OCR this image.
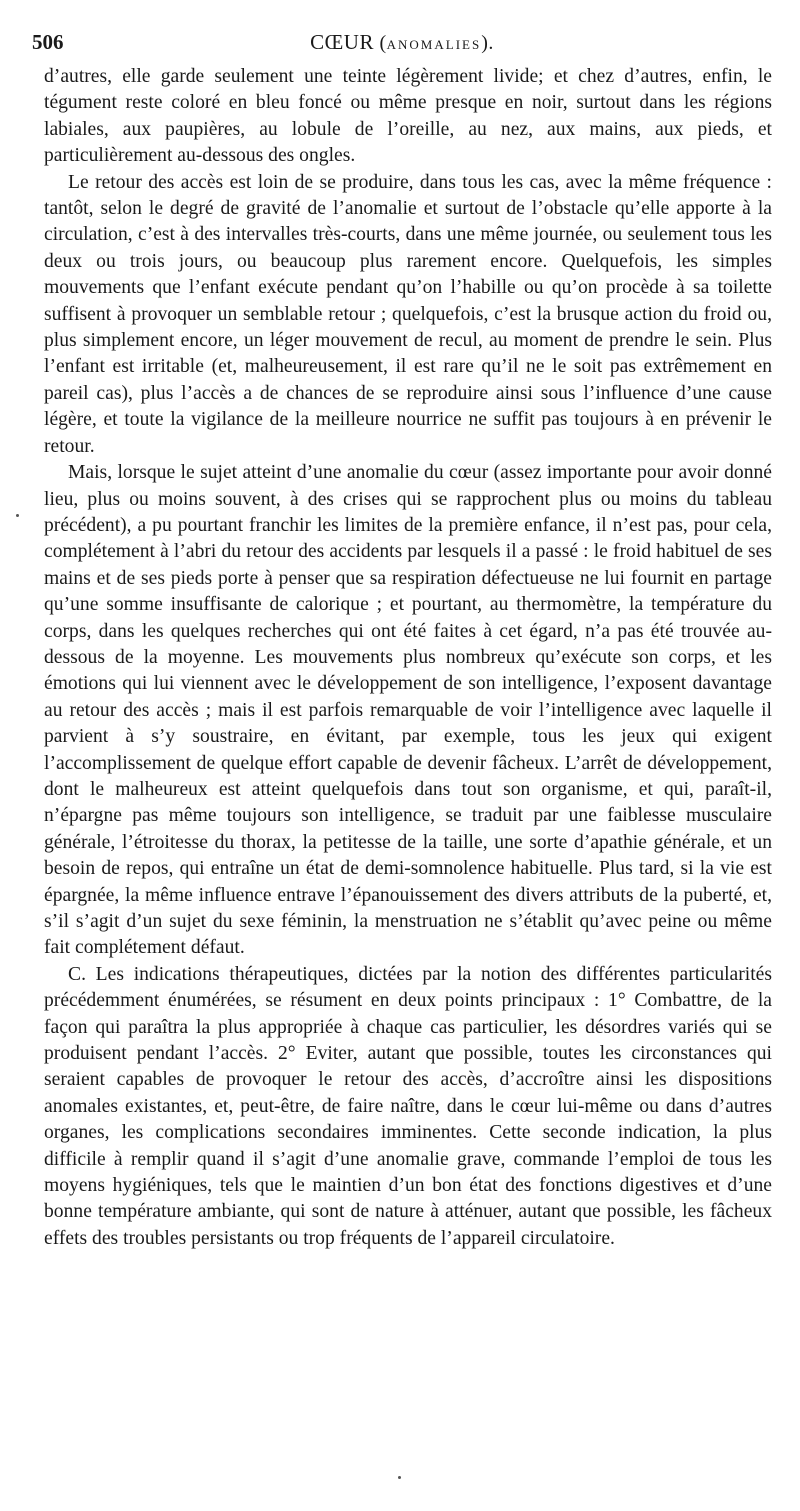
506	CŒUR (ANOMALIES).

d’autres, elle garde seulement une teinte légèrement livide; et chez d’autres, enfin, le tégument reste coloré en bleu foncé ou même presque en noir, surtout dans les régions labiales, aux paupières, au lobule de l’oreille, au nez, aux mains, aux pieds, et particulièrement au-dessous des ongles.

Le retour des accès est loin de se produire, dans tous les cas, avec la même fréquence : tantôt, selon le degré de gravité de l’anomalie et surtout de l’obstacle qu’elle apporte à la circulation, c’est à des intervalles très-courts, dans une même journée, ou seulement tous les deux ou trois jours, ou beaucoup plus rarement encore. Quelquefois, les simples mouvements que l’enfant exécute pendant qu’on l’habille ou qu’on procède à sa toilette suffisent à provoquer un semblable retour ; quelquefois, c’est la brusque action du froid ou, plus simplement encore, un léger mouvement de recul, au moment de prendre le sein. Plus l’enfant est irritable (et, malheureusement, il est rare qu’il ne le soit pas extrêmement en pareil cas), plus l’accès a de chances de se reproduire ainsi sous l’influence d’une cause légère, et toute la vigilance de la meilleure nourrice ne suffit pas toujours à en prévenir le retour.

Mais, lorsque le sujet atteint d’une anomalie du cœur (assez importante pour avoir donné lieu, plus ou moins souvent, à des crises qui se rapprochent plus ou moins du tableau précédent), a pu pourtant franchir les limites de la première enfance, il n’est pas, pour cela, complétement à l’abri du retour des accidents par lesquels il a passé : le froid habituel de ses mains et de ses pieds porte à penser que sa respiration défectueuse ne lui fournit en partage qu’une somme insuffisante de calorique ; et pourtant, au thermomètre, la température du corps, dans les quelques recherches qui ont été faites à cet égard, n’a pas été trouvée au-dessous de la moyenne. Les mouvements plus nombreux qu’exécute son corps, et les émotions qui lui viennent avec le développement de son intelligence, l’exposent davantage au retour des accès ; mais il est parfois remarquable de voir l’intelligence avec laquelle il parvient à s’y soustraire, en évitant, par exemple, tous les jeux qui exigent l’accomplissement de quelque effort capable de devenir fâcheux. L’arrêt de développement, dont le malheureux est atteint quelquefois dans tout son organisme, et qui, paraît-il, n’épargne pas même toujours son intelligence, se traduit par une faiblesse musculaire générale, l’étroitesse du thorax, la petitesse de la taille, une sorte d’apathie générale, et un besoin de repos, qui entraîne un état de demi-somnolence habituelle. Plus tard, si la vie est épargnée, la même influence entrave l’épanouissement des divers attributs de la puberté, et, s’il s’agit d’un sujet du sexe féminin, la menstruation ne s’établit qu’avec peine ou même fait complétement défaut.

C. Les indications thérapeutiques, dictées par la notion des différentes particularités précédemment énumérées, se résument en deux points principaux : 1° Combattre, de la façon qui paraîtra la plus appropriée à chaque cas particulier, les désordres variés qui se produisent pendant l’accès. 2° Eviter, autant que possible, toutes les circonstances qui seraient capables de provoquer le retour des accès, d’accroître ainsi les dispositions anomales existantes, et, peut-être, de faire naître, dans le cœur lui-même ou dans d’autres organes, les complications secondaires imminentes. Cette seconde indication, la plus difficile à remplir quand il s’agit d’une anomalie grave, commande l’emploi de tous les moyens hygiéniques, tels que le maintien d’un bon état des fonctions digestives et d’une bonne température ambiante, qui sont de nature à atténuer, autant que possible, les fâcheux effets des troubles persistants ou trop fréquents de l’appareil circulatoire.
